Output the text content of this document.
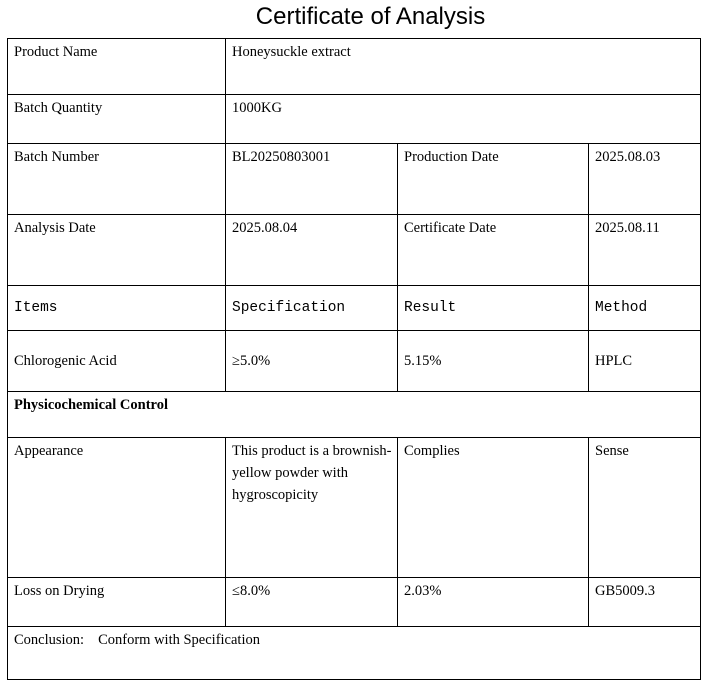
Certificate of Analysis
Product Name	Honeysuckle extract		
Batch Quantity	1000KG		
Batch Number	BL20250803001	Production Date	2025.08.03
Analysis Date	2025.08.04	Certificate Date	2025.08.11
Items	Specification	Result	Method
Chlorogenic Acid	≥5.0%	5.15%	HPLC
Physicochemical Control			
Appearance	This product is a brownish-yellow powder with hygroscopicity	Complies	Sense
Loss on Drying	≤8.0%	2.03%	GB5009.3
Conclusion: Conform with Specification			
